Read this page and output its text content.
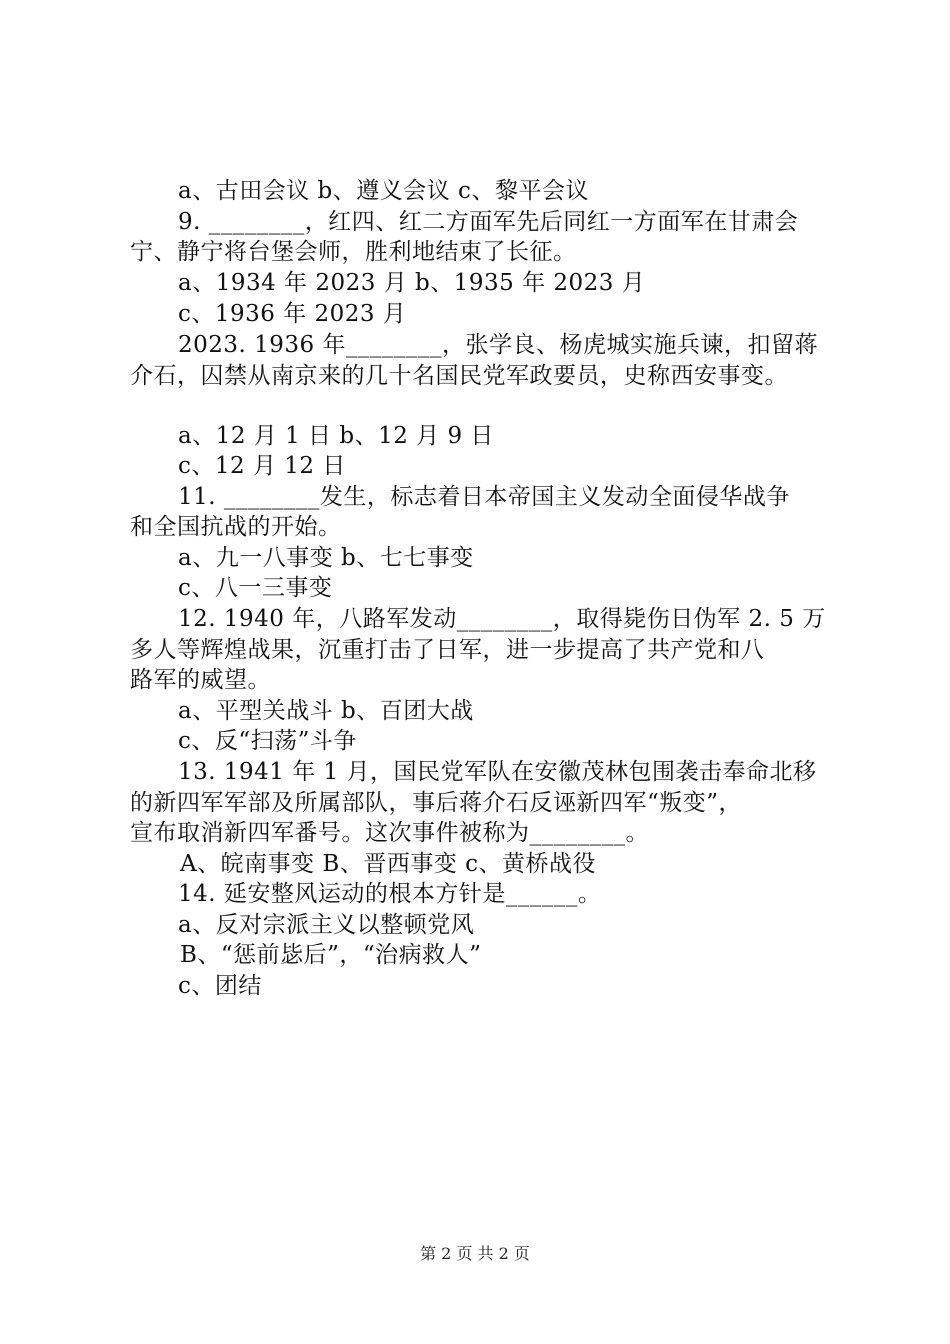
a、古田会议 b、遵义会议 c、黎平会议
9. ________，红四、红二方面军先后同红一方面军在甘肃会
宁、静宁将台堡会师，胜利地结束了长征。
a、1934 年 2023 月 b、1935 年 2023 月
c、1936 年 2023 月
2023. 1936 年________，张学良、杨虎城实施兵谏，扣留蒋
介石，囚禁从南京来的几十名国民党军政要员，史称西安事变。
a、12 月 1 日 b、12 月 9 日
c、12 月 12 日
11. ________发生，标志着日本帝国主义发动全面侵华战争
和全国抗战的开始。
a、九一八事变 b、七七事变
c、八一三事变
12. 1940 年，八路军发动________，取得毙伤日伪军 2. 5 万
多人等辉煌战果，沉重打击了日军，进一步提高了共产党和八
路军的威望。
a、平型关战斗 b、百团大战
c、反“扫荡”斗争
13. 1941 年 1 月，国民党军队在安徽茂林包围袭击奉命北移
的新四军军部及所属部队，事后蒋介石反诬新四军“叛变”，
宣布取消新四军番号。这次事件被称为________。
A、皖南事变 B、晋西事变 c、黄桥战役
14. 延安整风运动的根本方针是______。
a、反对宗派主义以整顿党风
B、“惩前毖后”，“治病救人”
c、团结
第 2 页 共 2 页
